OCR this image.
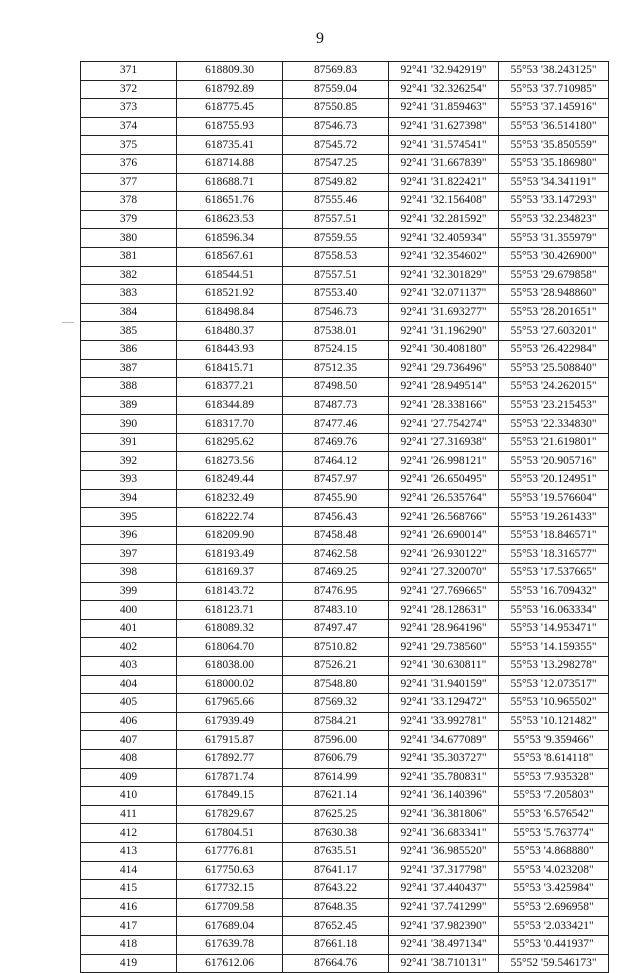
9
371	618809.30	87569.83	92°41 '32.942919"	55°53 '38.243125"
372	618792.89	87559.04	92°41 '32.326254"	55°53 '37.710985"
373	618775.45	87550.85	92°41 '31.859463"	55°53 '37.145916"
374	618755.93	87546.73	92°41 '31.627398"	55°53 '36.514180"
375	618735.41	87545.72	92°41 '31.574541"	55°53 '35.850559"
376	618714.88	87547.25	92°41 '31.667839"	55°53 '35.186980"
377	618688.71	87549.82	92°41 '31.822421"	55°53 '34.341191"
378	618651.76	87555.46	92°41 '32.156408"	55°53 '33.147293"
379	618623.53	87557.51	92°41 '32.281592"	55°53 '32.234823"
380	618596.34	87559.55	92°41 '32.405934"	55°53 '31.355979"
381	618567.61	87558.53	92°41 '32.354602"	55°53 '30.426900"
382	618544.51	87557.51	92°41 '32.301829"	55°53 '29.679858"
383	618521.92	87553.40	92°41 '32.071137"	55°53 '28.948860"
384	618498.84	87546.73	92°41 '31.693277"	55°53 '28.201651"
385	618480.37	87538.01	92°41 '31.196290"	55°53 '27.603201"
386	618443.93	87524.15	92°41 '30.408180"	55°53 '26.422984"
387	618415.71	87512.35	92°41 '29.736496"	55°53 '25.508840"
388	618377.21	87498.50	92°41 '28.949514"	55°53 '24.262015"
389	618344.89	87487.73	92°41 '28.338166"	55°53 '23.215453"
390	618317.70	87477.46	92°41 '27.754274"	55°53 '22.334830"
391	618295.62	87469.76	92°41 '27.316938"	55°53 '21.619801"
392	618273.56	87464.12	92°41 '26.998121"	55°53 '20.905716"
393	618249.44	87457.97	92°41 '26.650495"	55°53 '20.124951"
394	618232.49	87455.90	92°41 '26.535764"	55°53 '19.576604"
395	618222.74	87456.43	92°41 '26.568766"	55°53 '19.261433"
396	618209.90	87458.48	92°41 '26.690014"	55°53 '18.846571"
397	618193.49	87462.58	92°41 '26.930122"	55°53 '18.316577"
398	618169.37	87469.25	92°41 '27.320070"	55°53 '17.537665"
399	618143.72	87476.95	92°41 '27.769665"	55°53 '16.709432"
400	618123.71	87483.10	92°41 '28.128631"	55°53 '16.063334"
401	618089.32	87497.47	92°41 '28.964196"	55°53 '14.953471"
402	618064.70	87510.82	92°41 '29.738560"	55°53 '14.159355"
403	618038.00	87526.21	92°41 '30.630811"	55°53 '13.298278"
404	618000.02	87548.80	92°41 '31.940159"	55°53 '12.073517"
405	617965.66	87569.32	92°41 '33.129472"	55°53 '10.965502"
406	617939.49	87584.21	92°41 '33.992781"	55°53 '10.121482"
407	617915.87	87596.00	92°41 '34.677089"	55°53 '9.359466"
408	617892.77	87606.79	92°41 '35.303727"	55°53 '8.614118"
409	617871.74	87614.99	92°41 '35.780831"	55°53 '7.935328"
410	617849.15	87621.14	92°41 '36.140396"	55°53 '7.205803"
411	617829.67	87625.25	92°41 '36.381806"	55°53 '6.576542"
412	617804.51	87630.38	92°41 '36.683341"	55°53 '5.763774"
413	617776.81	87635.51	92°41 '36.985520"	55°53 '4.868880"
414	617750.63	87641.17	92°41 '37.317798"	55°53 '4.023208"
415	617732.15	87643.22	92°41 '37.440437"	55°53 '3.425984"
416	617709.58	87648.35	92°41 '37.741299"	55°53 '2.696958"
417	617689.04	87652.45	92°41 '37.982390"	55°53 '2.033421"
418	617639.78	87661.18	92°41 '38.497134"	55°53 '0.441937"
419	617612.06	87664.76	92°41 '38.710131"	55°52 '59.546173"
